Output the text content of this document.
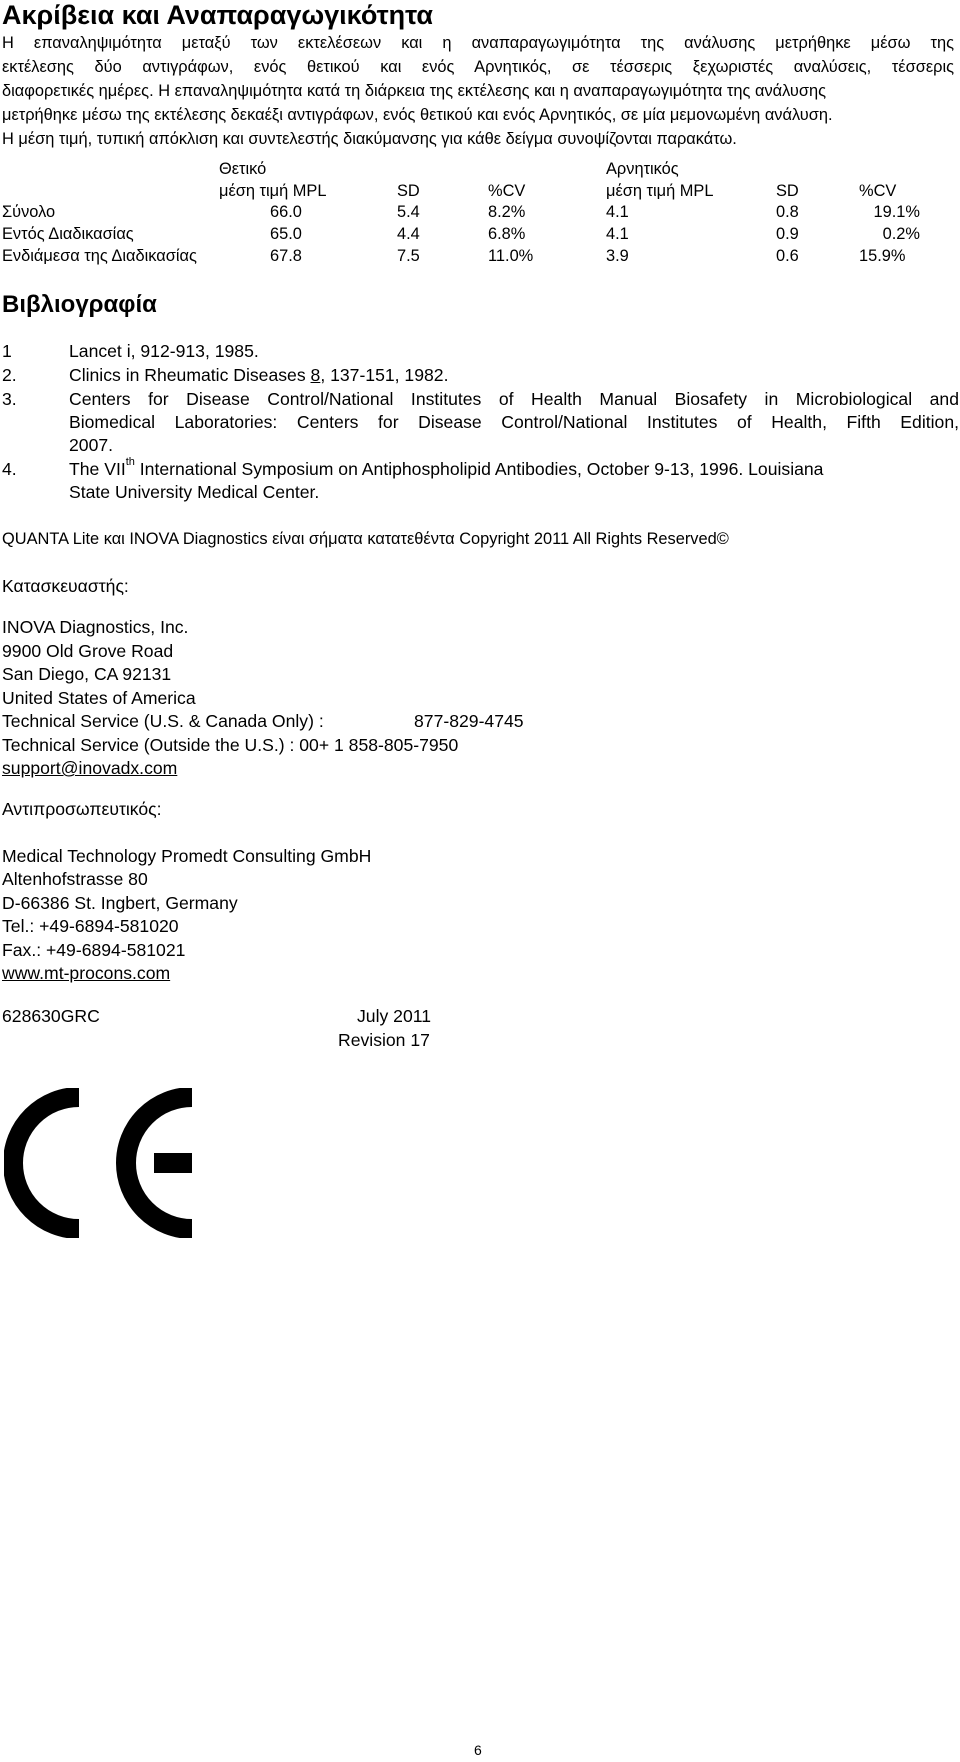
Ακρίβεια και Αναπαραγωγικότητα
Η επαναληψιμότητα μεταξύ των εκτελέσεων και η αναπαραγωγιμότητα της ανάλυσης μετρήθηκε μέσω της
εκτέλεσης δύο αντιγράφων, ενός θετικού και ενός Αρνητικός, σε τέσσερις ξεχωριστές αναλύσεις, τέσσερις
διαφορετικές ημέρες. Η επαναληψιμότητα κατά τη διάρκεια της εκτέλεσης και η αναπαραγωγιμότητα της ανάλυσης
μετρήθηκε μέσω της εκτέλεσης δεκαέξι αντιγράφων, ενός θετικού και ενός Αρνητικός, σε μία μεμονωμένη ανάλυση.
Η μέση τιμή, τυπική απόκλιση και συντελεστής διακύμανσης για κάθε δείγμα συνοψίζονται παρακάτω.
Θετικό	Αρνητικός
μέση τιμή MPL	SD	%CV	μέση τιμή MPL	SD	%CV
Σύνολο	66.0	5.4	8.2%	4.1	0.8	19.1%
Εντός Διαδικασίας	65.0	4.4	6.8%	4.1	0.9	0.2%
Ενδιάμεσα της Διαδικασίας	67.8	7.5	11.0%	3.9	0.6	15.9%
Βιβλιογραφία
1	Lancet i, 912-913, 1985.
2.	Clinics in Rheumatic Diseases 8, 137-151, 1982.
3.	Centers for Disease Control/National Institutes of Health Manual Biosafety in Microbiological and
Biomedical Laboratories: Centers for Disease Control/National Institutes of Health, Fifth Edition,
2007.
4.	The VIIth International Symposium on Antiphospholipid Antibodies, October 9-13, 1996. Louisiana
State University Medical Center.
QUANTA Lite και INOVA Diagnostics είναι σήματα κατατεθέντα Copyright 2011 All Rights Reserved©
Κατασκευαστής:
INOVA Diagnostics, Inc.
9900 Old Grove Road
San Diego, CA 92131
United States of America
Technical Service (U.S. & Canada Only) :	877-829-4745
Technical Service (Outside the U.S.) : 00+ 1 858-805-7950
support@inovadx.com
Αντιπροσωπευτικός:
Medical Technology Promedt Consulting GmbH
Altenhofstrasse 80
D-66386 St. Ingbert, Germany
Tel.: +49-6894-581020
Fax.: +49-6894-581021
www.mt-procons.com
628630GRC	July 2011
Revision 17
6
